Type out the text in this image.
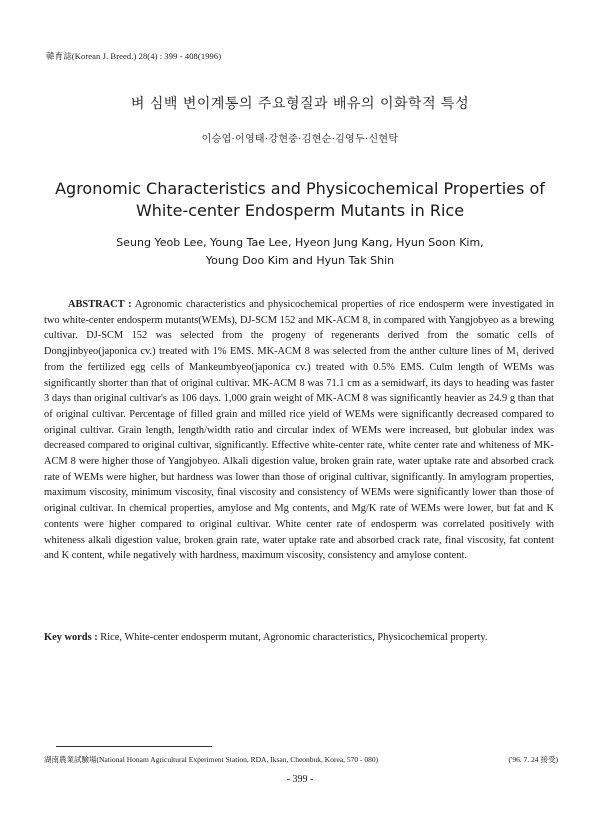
韓育誌(Korean J. Breed.) 28(4) : 399 - 408(1996)
벼 심백 변이계통의 주요형질과 배유의 이화학적 특성
이승엽·이영태·강현중·김현순·김영두·신현탁
Agronomic Characteristics and Physicochemical Properties of
White-center Endosperm Mutants in Rice
Seung Yeob Lee, Young Tae Lee, Hyeon Jung Kang, Hyun Soon Kim,
Young Doo Kim and Hyun Tak Shin

ABSTRACT : Agronomic characteristics and physicochemical properties of rice endosperm were investigated in two white-center endosperm mutants(WEMs), DJ-SCM 152 and MK-ACM 8, in compared with Yangjobyeo as a brewing cultivar. DJ-SCM 152 was selected from the progeny of regenerants derived from the somatic cells of Dongjinbyeo(japonica cv.) treated with 1% EMS. MK-ACM 8 was selected from the anther culture lines of M₁ derived from the fertilized egg cells of Mankeumbyeo(japonica cv.) treated with 0.5% EMS. Culm length of WEMs was significantly shorter than that of original cultivar. MK-ACM 8 was 71.1 cm as a semidwarf, its days to heading was faster 3 days than original cultivar's as 106 days. 1,000 grain weight of MK-ACM 8 was significantly heavier as 24.9 g than that of original cultivar. Percentage of filled grain and milled rice yield of WEMs were significantly decreased compared to original cultivar. Grain length, length/width ratio and circular index of WEMs were increased, but globular index was decreased compared to original cultivar, significantly. Effective white-center rate, white center rate and whiteness of MK-ACM 8 were higher those of Yangjobyeo. Alkali digestion value, broken grain rate, water uptake rate and absorbed crack rate of WEMs were higher, but hardness was lower than those of original cultivar, significantly. In amylogram properties, maximum viscosity, minimum viscosity, final viscosity and consistency of WEMs were significantly lower than those of original cultivar. In chemical properties, amylose and Mg contents, and Mg/K rate of WEMs were lower, but fat and K contents were higher compared to original cultivar. White center rate of endosperm was correlated positively with whiteness alkali digestion value, broken grain rate, water uptake rate and absorbed crack rate, final viscosity, fat content and K content, while negatively with hardness, maximum viscosity, consistency and amylose content.

Key words : Rice, White-center endosperm mutant, Agronomic characteristics, Physicochemical property.

湖南農業試驗場(National Honam Agricultural Experiment Station, RDA, Iksan, Cheonbuk, Korea, 570 - 080)	('96. 7. 24 接受)
- 399 -
